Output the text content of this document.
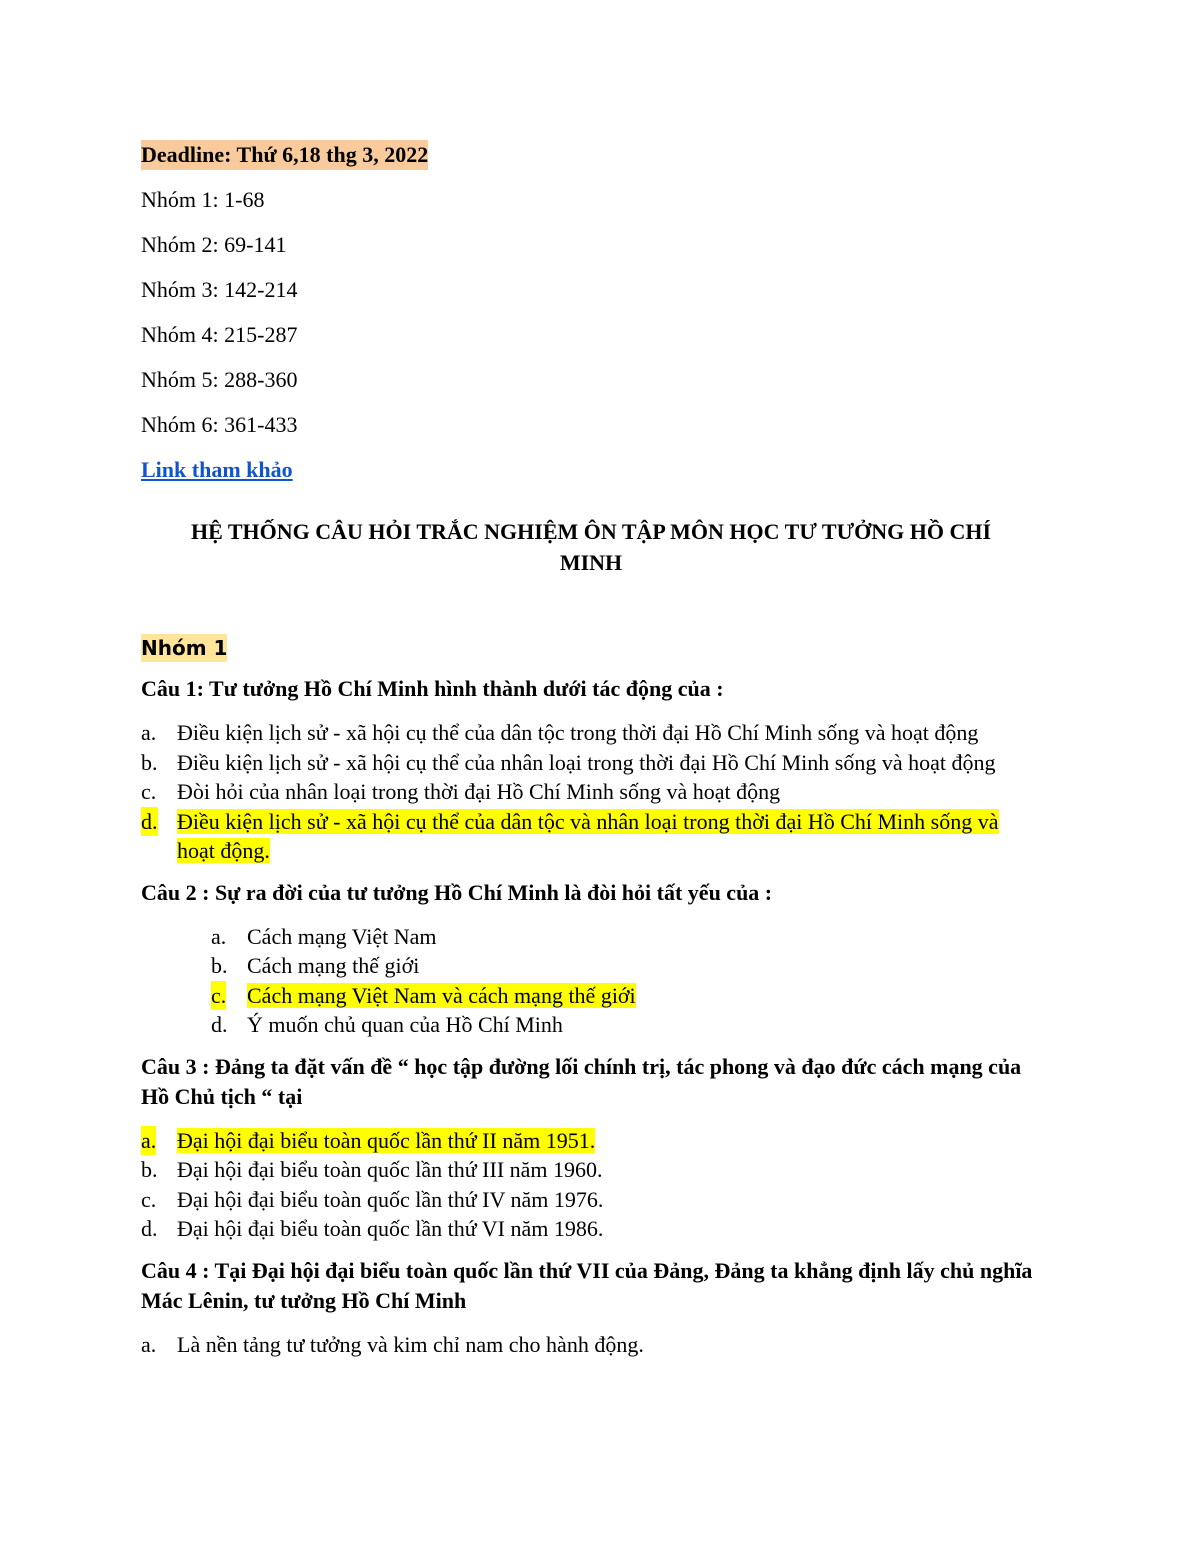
Deadline: Thứ 6,18 thg 3, 2022
Nhóm 1: 1-68
Nhóm 2: 69-141
Nhóm 3: 142-214
Nhóm 4: 215-287
Nhóm 5: 288-360
Nhóm 6: 361-433
Link tham khảo
HỆ THỐNG CÂU HỎI TRẮC NGHIỆM ÔN TẬP MÔN HỌC TƯ TƯỞNG HỒ CHÍ
MINH
Nhóm 1
Câu 1: Tư tưởng Hồ Chí Minh hình thành dưới tác động của :
a. Điều kiện lịch sử - xã hội cụ thể của dân tộc trong thời đại Hồ Chí Minh sống và hoạt động
b. Điều kiện lịch sử - xã hội cụ thể của nhân loại trong thời đại Hồ Chí Minh sống và hoạt động
c. Đòi hỏi của nhân loại trong thời đại Hồ Chí Minh sống và hoạt động
d. Điều kiện lịch sử - xã hội cụ thể của dân tộc và nhân loại trong thời đại Hồ Chí Minh sống và hoạt động.
Câu 2 : Sự ra đời của tư tưởng Hồ Chí Minh là đòi hỏi tất yếu của :
a. Cách mạng Việt Nam
b. Cách mạng thế giới
c. Cách mạng Việt Nam và cách mạng thế giới
d. Ý muốn chủ quan của Hồ Chí Minh
Câu 3 : Đảng ta đặt vấn đề “ học tập đường lối chính trị, tác phong và đạo đức cách mạng của Hồ Chủ tịch “ tại
a. Đại hội đại biểu toàn quốc lần thứ II năm 1951.
b. Đại hội đại biểu toàn quốc lần thứ III năm 1960.
c. Đại hội đại biểu toàn quốc lần thứ IV năm 1976.
d. Đại hội đại biểu toàn quốc lần thứ VI năm 1986.
Câu 4 : Tại Đại hội đại biểu toàn quốc lần thứ VII của Đảng, Đảng ta khẳng định lấy chủ nghĩa Mác Lênin, tư tưởng Hồ Chí Minh
a. Là nền tảng tư tưởng và kim chỉ nam cho hành động.
